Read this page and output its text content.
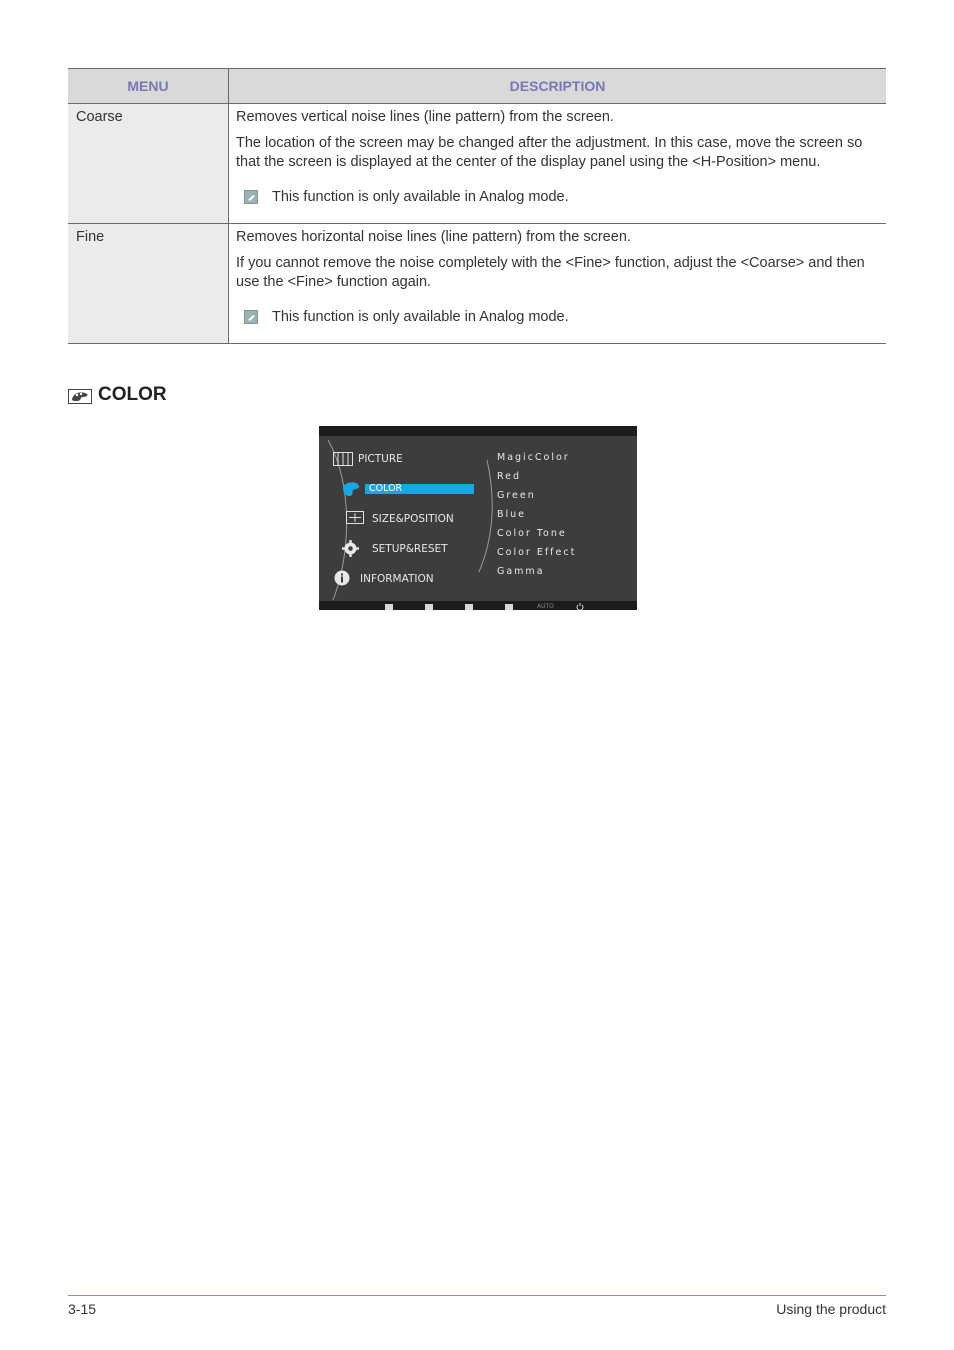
MENU	DESCRIPTION
Coarse	Removes vertical noise lines (line pattern) from the screen.

The location of the screen may be changed after the adjustment. In this case, move the screen so that the screen is displayed at the center of the display panel using the <H-Position> menu.

This function is only available in Analog mode.

Fine	Removes horizontal noise lines (line pattern) from the screen.

If you cannot remove the noise completely with the <Fine> function, adjust the <Coarse> and then use the <Fine> function again.

This function is only available in Analog mode.
COLOR
PICTURE
COLOR
SIZE&POSITION
SETUP&RESET
INFORMATION
MagicColor
Red
Green
Blue
Color Tone
Color Effect
Gamma
AUTO
3-15	Using the product
